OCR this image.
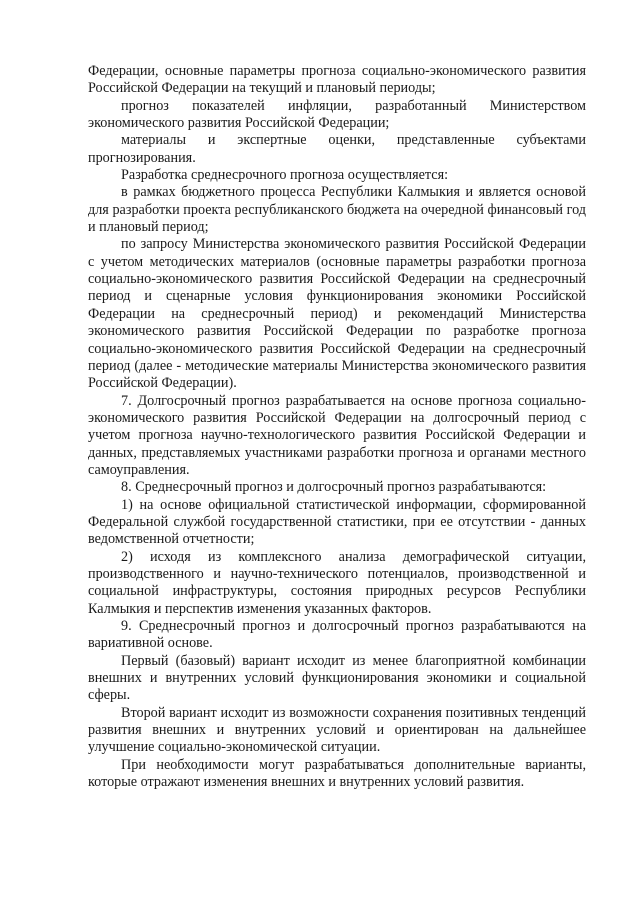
Федерации, основные параметры прогноза социально-экономического развития Российской Федерации на текущий и плановый периоды;

прогноз показателей инфляции, разработанный Министерством экономического развития Российской Федерации;

материалы и экспертные оценки, представленные субъектами прогнозирования.

Разработка среднесрочного прогноза осуществляется:

в рамках бюджетного процесса Республики Калмыкия и является основой для разработки проекта республиканского бюджета на очередной финансовый год и плановый период;

по запросу Министерства экономического развития Российской Федерации с учетом методических материалов (основные параметры разработки прогноза социально-экономического развития Российской Федерации на среднесрочный период и сценарные условия функционирования экономики Российской Федерации на среднесрочный период) и рекомендаций Министерства экономического развития Российской Федерации по разработке прогноза социально-экономического развития Российской Федерации на среднесрочный период (далее - методические материалы Министерства экономического развития Российской Федерации).

7. Долгосрочный прогноз разрабатывается на основе прогноза социально-экономического развития Российской Федерации на долгосрочный период с учетом прогноза научно-технологического развития Российской Федерации и данных, представляемых участниками разработки прогноза и органами местного самоуправления.

8. Среднесрочный прогноз и долгосрочный прогноз разрабатываются:

1) на основе официальной статистической информации, сформированной Федеральной службой государственной статистики, при ее отсутствии - данных ведомственной отчетности;

2) исходя из комплексного анализа демографической ситуации, производственного и научно-технического потенциалов, производственной и социальной инфраструктуры, состояния природных ресурсов Республики Калмыкия и перспектив изменения указанных факторов.

9. Среднесрочный прогноз и долгосрочный прогноз разрабатываются на вариативной основе.

Первый (базовый) вариант исходит из менее благоприятной комбинации внешних и внутренних условий функционирования экономики и социальной сферы.

Второй вариант исходит из возможности сохранения позитивных тенденций развития внешних и внутренних условий и ориентирован на дальнейшее улучшение социально-экономической ситуации.

При необходимости могут разрабатываться дополнительные варианты, которые отражают изменения внешних и внутренних условий развития.
